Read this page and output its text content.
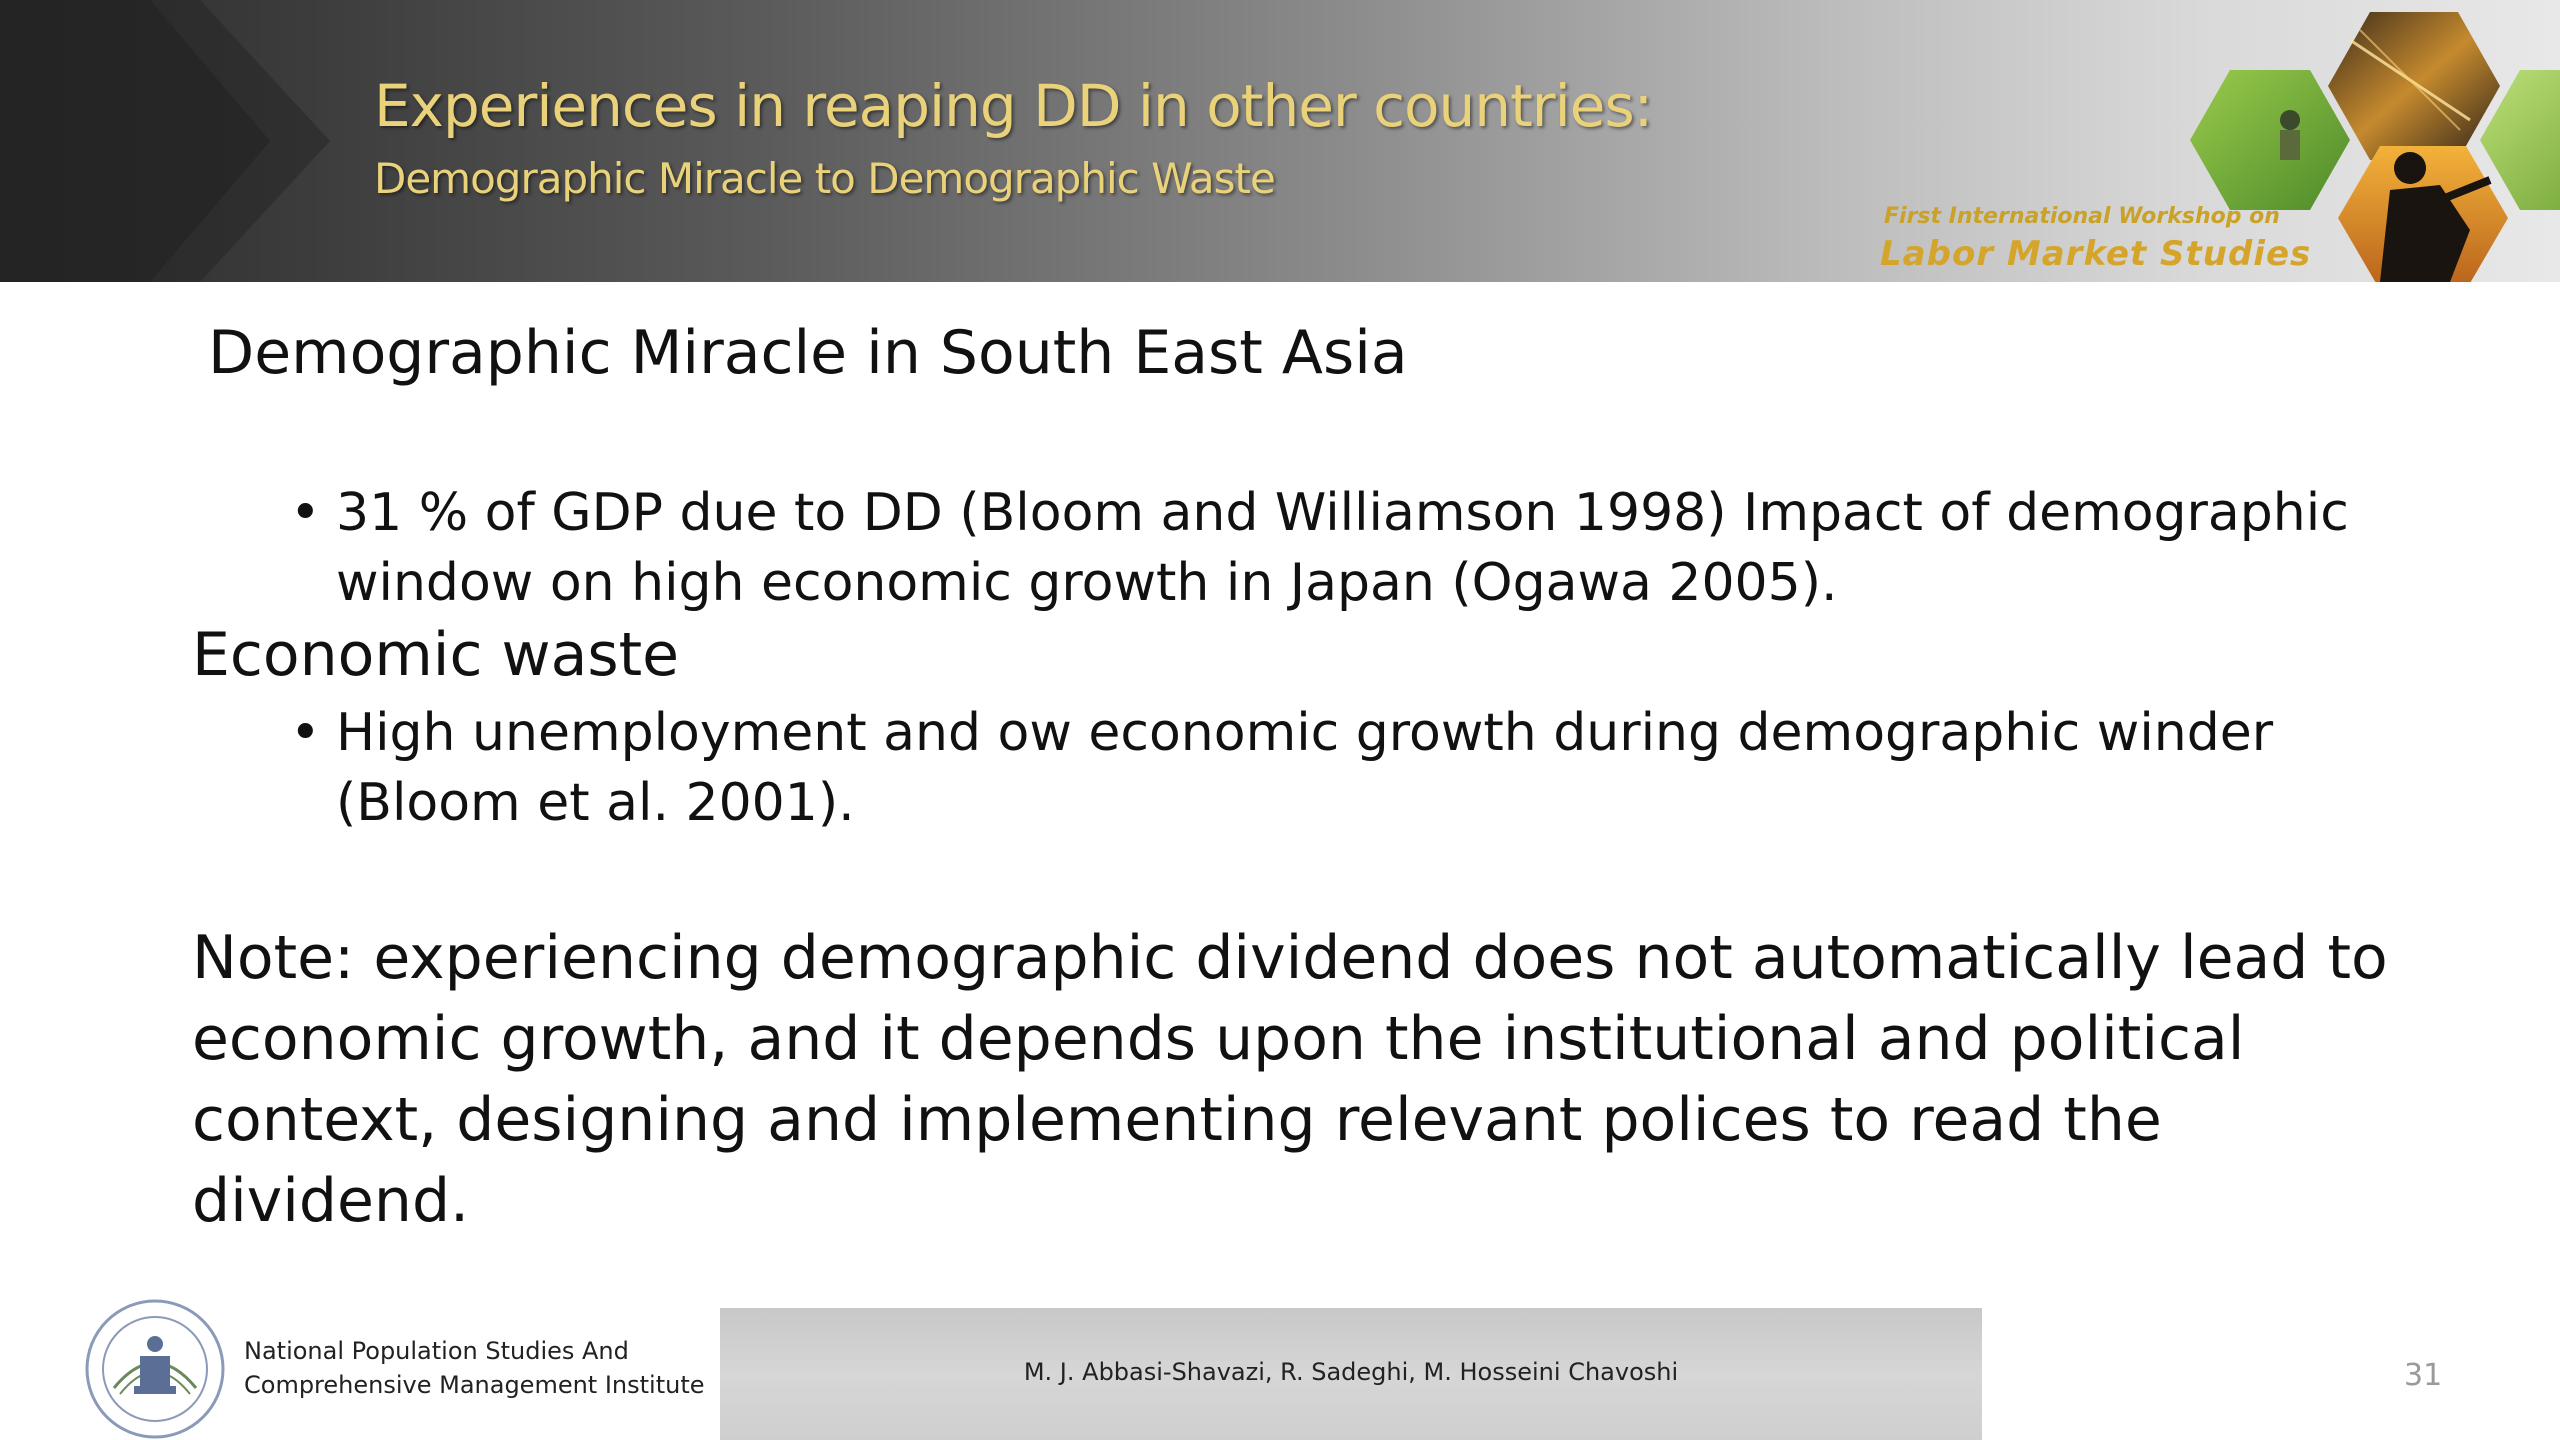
Experiences in reaping DD in other countries:
Demographic Miracle to Demographic Waste
First International Workshop on
Labor Market Studies
Demographic Miracle in South East Asia
• 31 % of GDP due to DD (Bloom and Williamson 1998) Impact of demographic window on high economic growth in Japan (Ogawa 2005).
Economic waste
• High unemployment and ow economic growth during demographic winder (Bloom et al. 2001).
Note: experiencing demographic dividend does not automatically lead to economic growth, and it depends upon the institutional and political context, designing and implementing relevant polices to read the dividend.
National Population Studies And
Comprehensive Management Institute	M. J. Abbasi-Shavazi, R. Sadeghi, M. Hosseini Chavoshi	31
